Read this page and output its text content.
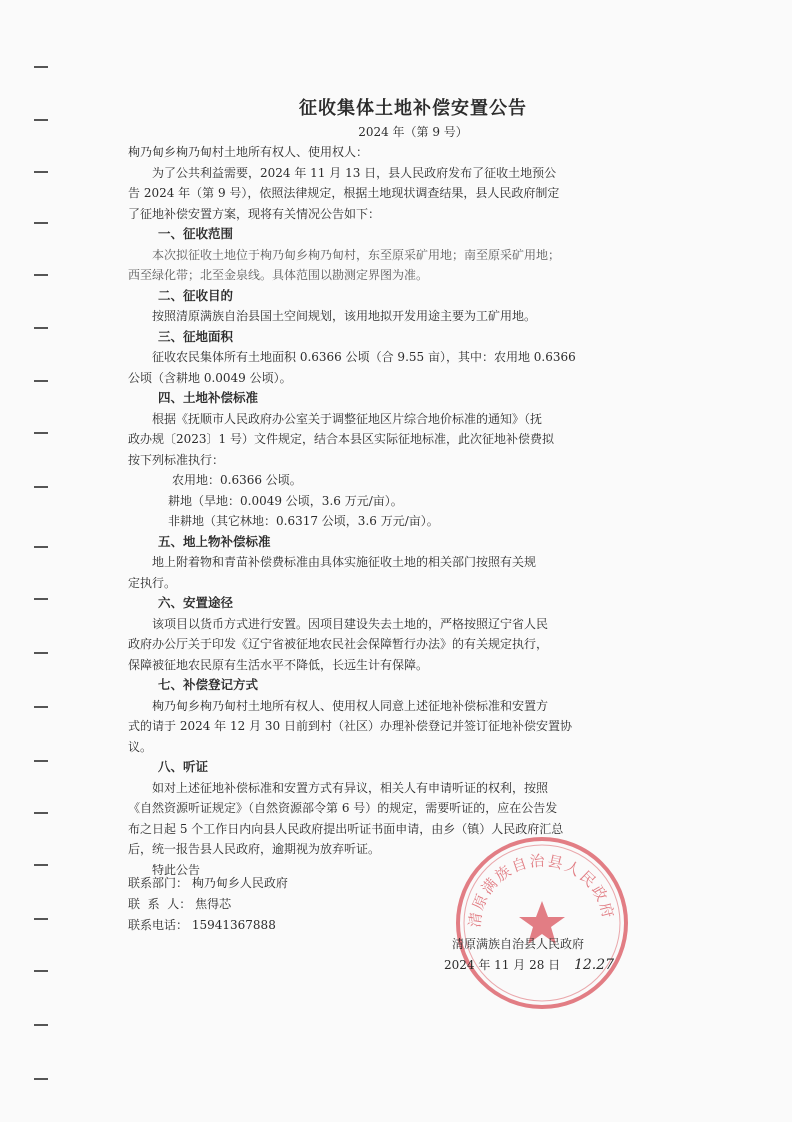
征收集体土地补偿安置公告
2024 年（第 9 号）

栒乃甸乡栒乃甸村土地所有权人、使用权人：

为了公共利益需要，2024 年 11 月 13 日，县人民政府发布了征收土地预公

告 2024 年（第 9 号），依照法律规定，根据土地现状调查结果，县人民政府制定

了征地补偿安置方案，现将有关情况公告如下：

一、征收范围

本次拟征收土地位于栒乃甸乡栒乃甸村，东至原采矿用地；南至原采矿用地；

西至绿化带；北至金泉线。具体范围以勘测定界图为准。

二、征收目的

按照清原满族自治县国土空间规划，该用地拟开发用途主要为工矿用地。

三、征地面积

征收农民集体所有土地面积 0.6366 公顷（合 9.55 亩），其中：农用地 0.6366

公顷（含耕地 0.0049 公顷）。

四、土地补偿标准

根据《抚顺市人民政府办公室关于调整征地区片综合地价标准的通知》（抚

政办规〔2023〕1 号）文件规定，结合本县区实际征地标准，此次征地补偿费拟

按下列标准执行：

农用地：0.6366 公顷。

耕地（旱地：0.0049 公顷，3.6 万元/亩）。

非耕地（其它林地：0.6317 公顷，3.6 万元/亩）。

五、地上物补偿标准

地上附着物和青苗补偿费标准由具体实施征收土地的相关部门按照有关规

定执行。

六、安置途径

该项目以货币方式进行安置。因项目建设失去土地的，严格按照辽宁省人民

政府办公厅关于印发《辽宁省被征地农民社会保障暂行办法》的有关规定执行，

保障被征地农民原有生活水平不降低，长远生计有保障。

七、补偿登记方式

栒乃甸乡栒乃甸村土地所有权人、使用权人同意上述征地补偿标准和安置方

式的请于 2024 年 12 月 30 日前到村（社区）办理补偿登记并签订征地补偿安置协

议。

八、听证

如对上述征地补偿标准和安置方式有异议，相关人有申请听证的权利，按照

《自然资源听证规定》（自然资源部令第 6 号）的规定，需要听证的，应在公告发

布之日起 5 个工作日内向县人民政府提出听证书面申请，由乡（镇）人民政府汇总

后，统一报告县人民政府，逾期视为放弃听证。

特此公告

清原满族自治县人民政府
联系部门： 栒乃甸乡人民政府
联  系  人： 焦得芯
联系电话： 15941367888
清原满族自治县人民政府
2024 年 11 月 28 日 12.27
